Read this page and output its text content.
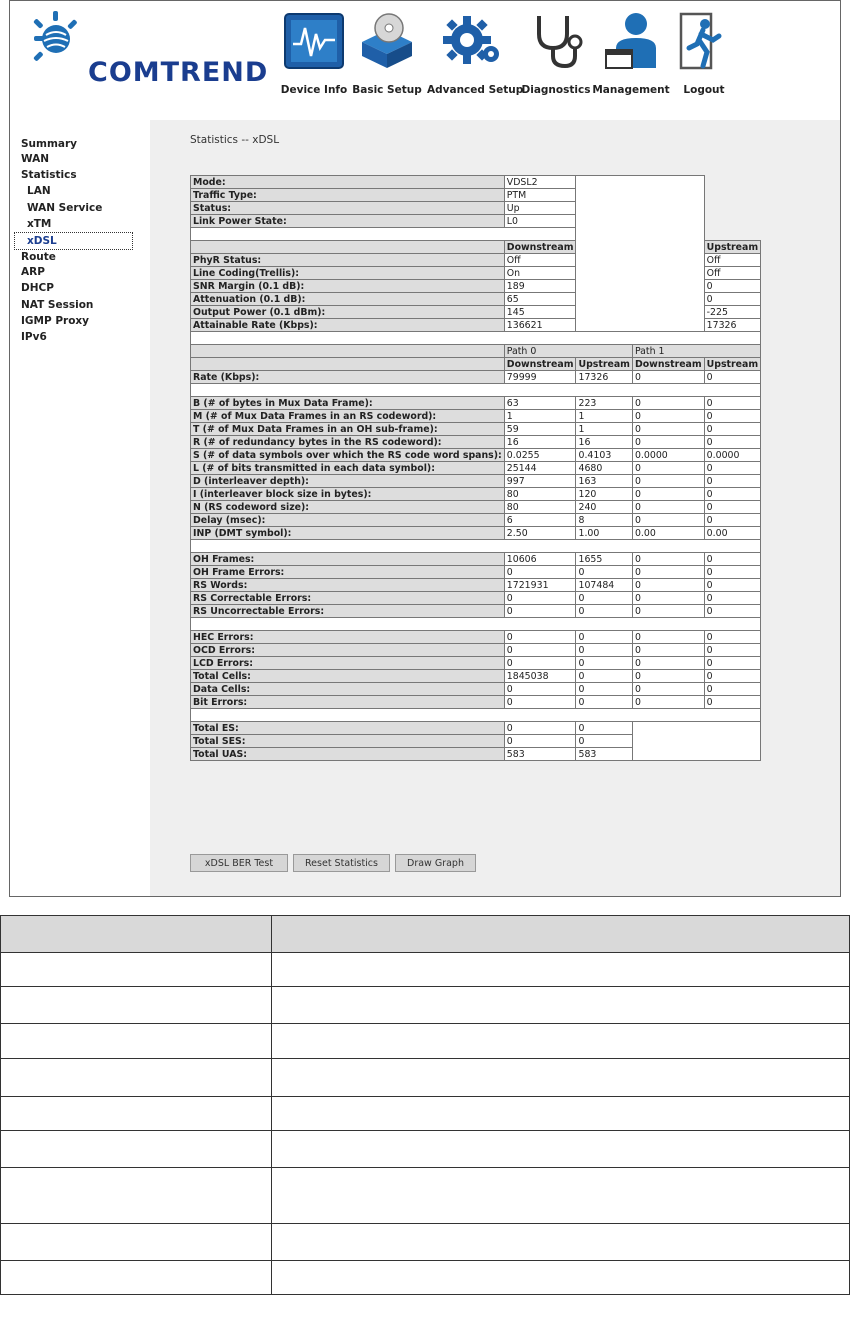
COMTREND
Device Info Basic Setup Advanced Setup
Diagnostics Management	Logout
Summary
WAN
Statistics
LAN
WAN Service
xTM
xDSL
Route
ARP
DHCP
NAT Session
IGMP Proxy
IPv6
Statistics -- xDSL
Mode:	VDSL2			
Traffic Type:	PTM			
Status:	Up			
Link Power State:	L0			

	Downstream			Upstream
PhyR Status:	Off			Off
Line Coding(Trellis):	On			Off
SNR Margin (0.1 dB):	189			0
Attenuation (0.1 dB):	65			0
Output Power (0.1 dBm):	145			-225
Attainable Rate (Kbps):	136621			17326

	Path 0		Path 1	
	Downstream	Upstream	Downstream	Upstream
Rate (Kbps):	79999	17326	0	0

B (# of bytes in Mux Data Frame):	63	223	0	0
M (# of Mux Data Frames in an RS codeword):	1	1	0	0
T (# of Mux Data Frames in an OH sub-frame):	59	1	0	0
R (# of redundancy bytes in the RS codeword):	16	16	0	0
S (# of data symbols over which the RS code word spans):	0.0255	0.4103	0.0000	0.0000
L (# of bits transmitted in each data symbol):	25144	4680	0	0
D (interleaver depth):	997	163	0	0
I (interleaver block size in bytes):	80	120	0	0
N (RS codeword size):	80	240	0	0
Delay (msec):	6	8	0	0
INP (DMT symbol):	2.50	1.00	0.00	0.00

OH Frames:	10606	1655	0	0
OH Frame Errors:	0	0	0	0
RS Words:	1721931	107484	0	0
RS Correctable Errors:	0	0	0	0
RS Uncorrectable Errors:	0	0	0	0

HEC Errors:	0	0	0	0
OCD Errors:	0	0	0	0
LCD Errors:	0	0	0	0
Total Cells:	1845038	0	0	0
Data Cells:	0	0	0	0
Bit Errors:	0	0	0	0

Total ES:	0	0		
Total SES:	0	0		
Total UAS:	583	583		
xDSL BER Test	Reset Statistics	Draw Graph
